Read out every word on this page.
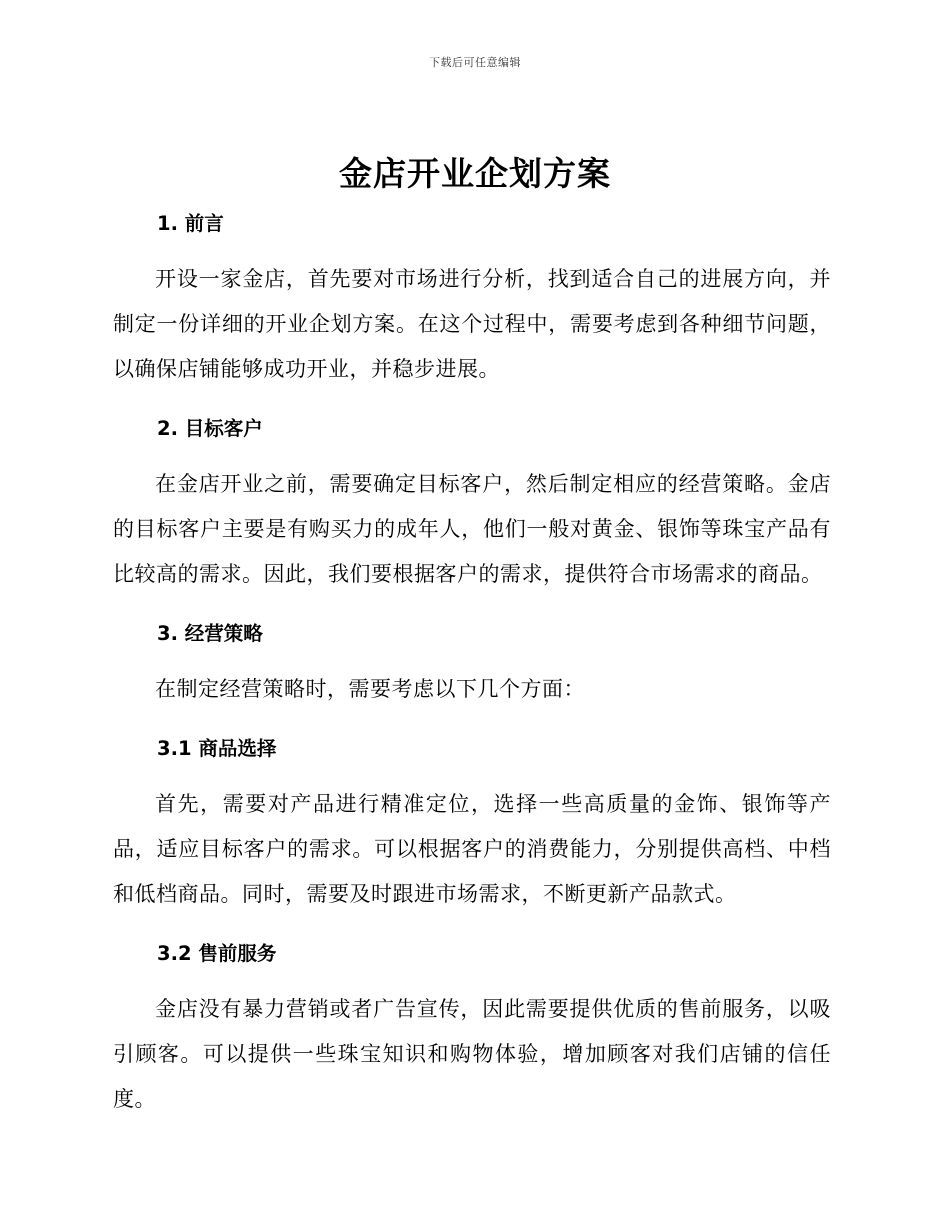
下载后可任意编辑
金店开业企划方案
1. 前言

开设一家金店，首先要对市场进行分析，找到适合自己的进展方向，并制定一份详细的开业企划方案。在这个过程中，需要考虑到各种细节问题，以确保店铺能够成功开业，并稳步进展。

2. 目标客户

在金店开业之前，需要确定目标客户，然后制定相应的经营策略。金店的目标客户主要是有购买力的成年人，他们一般对黄金、银饰等珠宝产品有比较高的需求。因此，我们要根据客户的需求，提供符合市场需求的商品。

3. 经营策略

在制定经营策略时，需要考虑以下几个方面：

3.1 商品选择

首先，需要对产品进行精准定位，选择一些高质量的金饰、银饰等产品，适应目标客户的需求。可以根据客户的消费能力，分别提供高档、中档和低档商品。同时，需要及时跟进市场需求，不断更新产品款式。

3.2 售前服务

金店没有暴力营销或者广告宣传，因此需要提供优质的售前服务，以吸引顾客。可以提供一些珠宝知识和购物体验，增加顾客对我们店铺的信任度。
